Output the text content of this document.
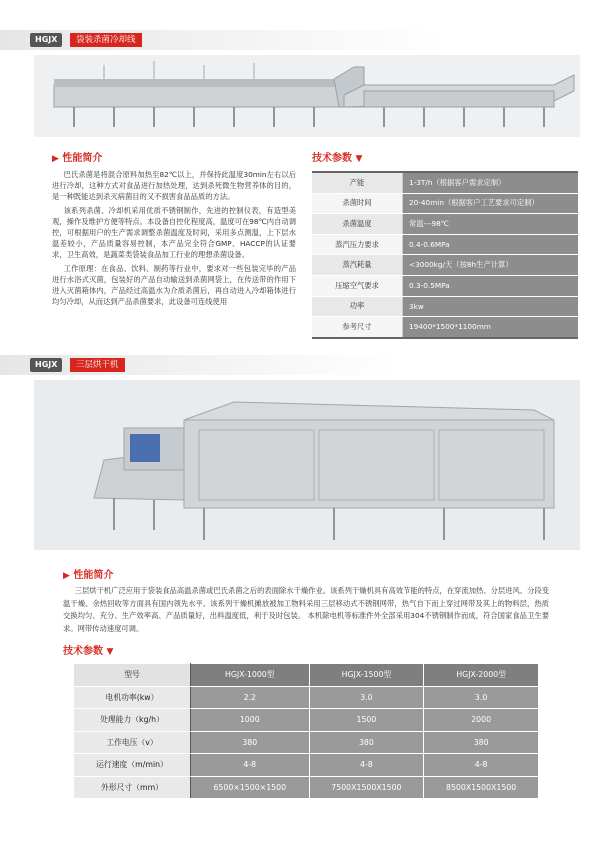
HGJX	袋装杀菌冷却线
▶ 性能简介

巴氏杀菌是将混合原料加热至82℃以上，并保持此温度30min左右以后进行冷却，这种方式对食品进行加热处理，达到杀死微生物营养体的目的，是一种既能达到杀灭病菌目的又不损害食品品质的方法。

该系列杀菌、冷却机采用优质不锈钢制作，先进的控制仪表，有造型美观，操作及维护方便等特点。本设备自控化程度高，温度可在98℃内自动调控，可根据用户的生产需求调整杀菌温度及时间，采用多点测温，上下层水温差较小，产品质量容易控制，本产品完全符合GMP、HACCP的认证要求，卫生高效，是蔬菜类袋装食品加工行业的理想杀菌设备。

工作原理：在食品、饮料、制药等行业中，要求对一些包装完毕的产品进行水浴式灭菌，包装好的产品自动输送到杀菌网袋上，在传送带的作用下进入灭菌箱体内，产品经过高温水为介质杀菌后，再自动进入冷却箱体进行均匀冷却，从而达到产品杀菌要求，此设备可连线使用

技术参数 ▼
产能	1-3T/h（根据客户需求定制）
杀菌时间	20-40min（根据客户工艺要求可定制）
杀菌温度	常温---98℃
蒸汽压力要求	0.4-0.6MPa
蒸汽耗量	<3000kg/天（按8h生产计算）
压缩空气要求	0.3-0.5MPa
功率	3kw
参考尺寸	19400*1500*1100mm
HGJX	三层烘干机
▶ 性能简介

三层烘干机广泛应用于袋装食品高温杀菌或巴氏杀菌之后的表面除水干燥作业。该系列干燥机具有高效节能的特点，在穿流加热、分层进风、分段变温干燥、余热回收等方面具有国内领先水平。该系列干燥机摊放被加工物料采用三层移动式不锈钢网带，热气自下而上穿过网带及其上的物料层，热质交换均匀、充分、生产效率高、产品质量好，出料温度低，利于及时包装。 本机除电机等标准件外全部采用304不锈钢制作而成，符合国家食品卫生要求。网带传动速度可调。

技术参数 ▼
型号	HGJX-1000型	HGJX-1500型	HGJX-2000型
电机功率(kw）	2.2	3.0	3.0
处理能力（kg/h）	1000	1500	2000
工作电压（v）	380	380	380
运行速度（m/min）	4-8	4-8	4-8
外形尺寸（mm）	6500×1500×1500	7500X1500X1500	8500X1500X1500
